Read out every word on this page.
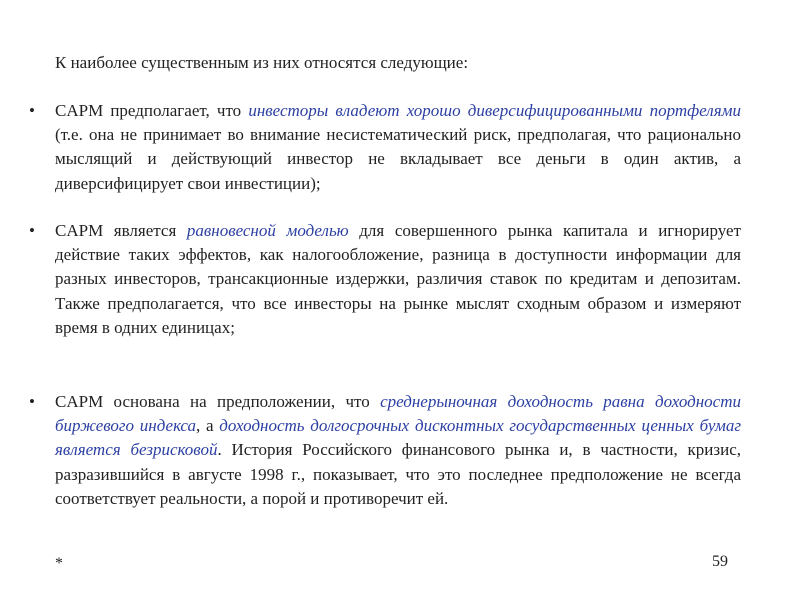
К наиболее существенным из них относятся следующие:
•	CAPM предполагает, что инвесторы владеют хорошо диверсифицированными портфелями (т.е. она не принимает во внимание несистематический риск, предполагая, что рационально мыслящий и действующий инвестор не вкладывает все деньги в один актив, а диверсифицирует свои инвестиции);
•	CAPM является равновесной моделью для совершенного рынка капитала и игнорирует действие таких эффектов, как налогообложение, разница в доступности информации для разных инвесторов, трансакционные издержки, различия ставок по кредитам и депозитам. Также предполагается, что все инвесторы на рынке мыслят сходным образом и измеряют время в одних единицах;
•	CAPM основана на предположении, что среднерыночная доходность равна доходности биржевого индекса, а доходность долгосрочных дисконтных государственных ценных бумаг является безрисковой. История Российского финансового рынка и, в частности, кризис, разразившийся в августе 1998 г., показывает, что это последнее предположение не всегда соответствует реальности, а порой и противоречит ей.
*	59
